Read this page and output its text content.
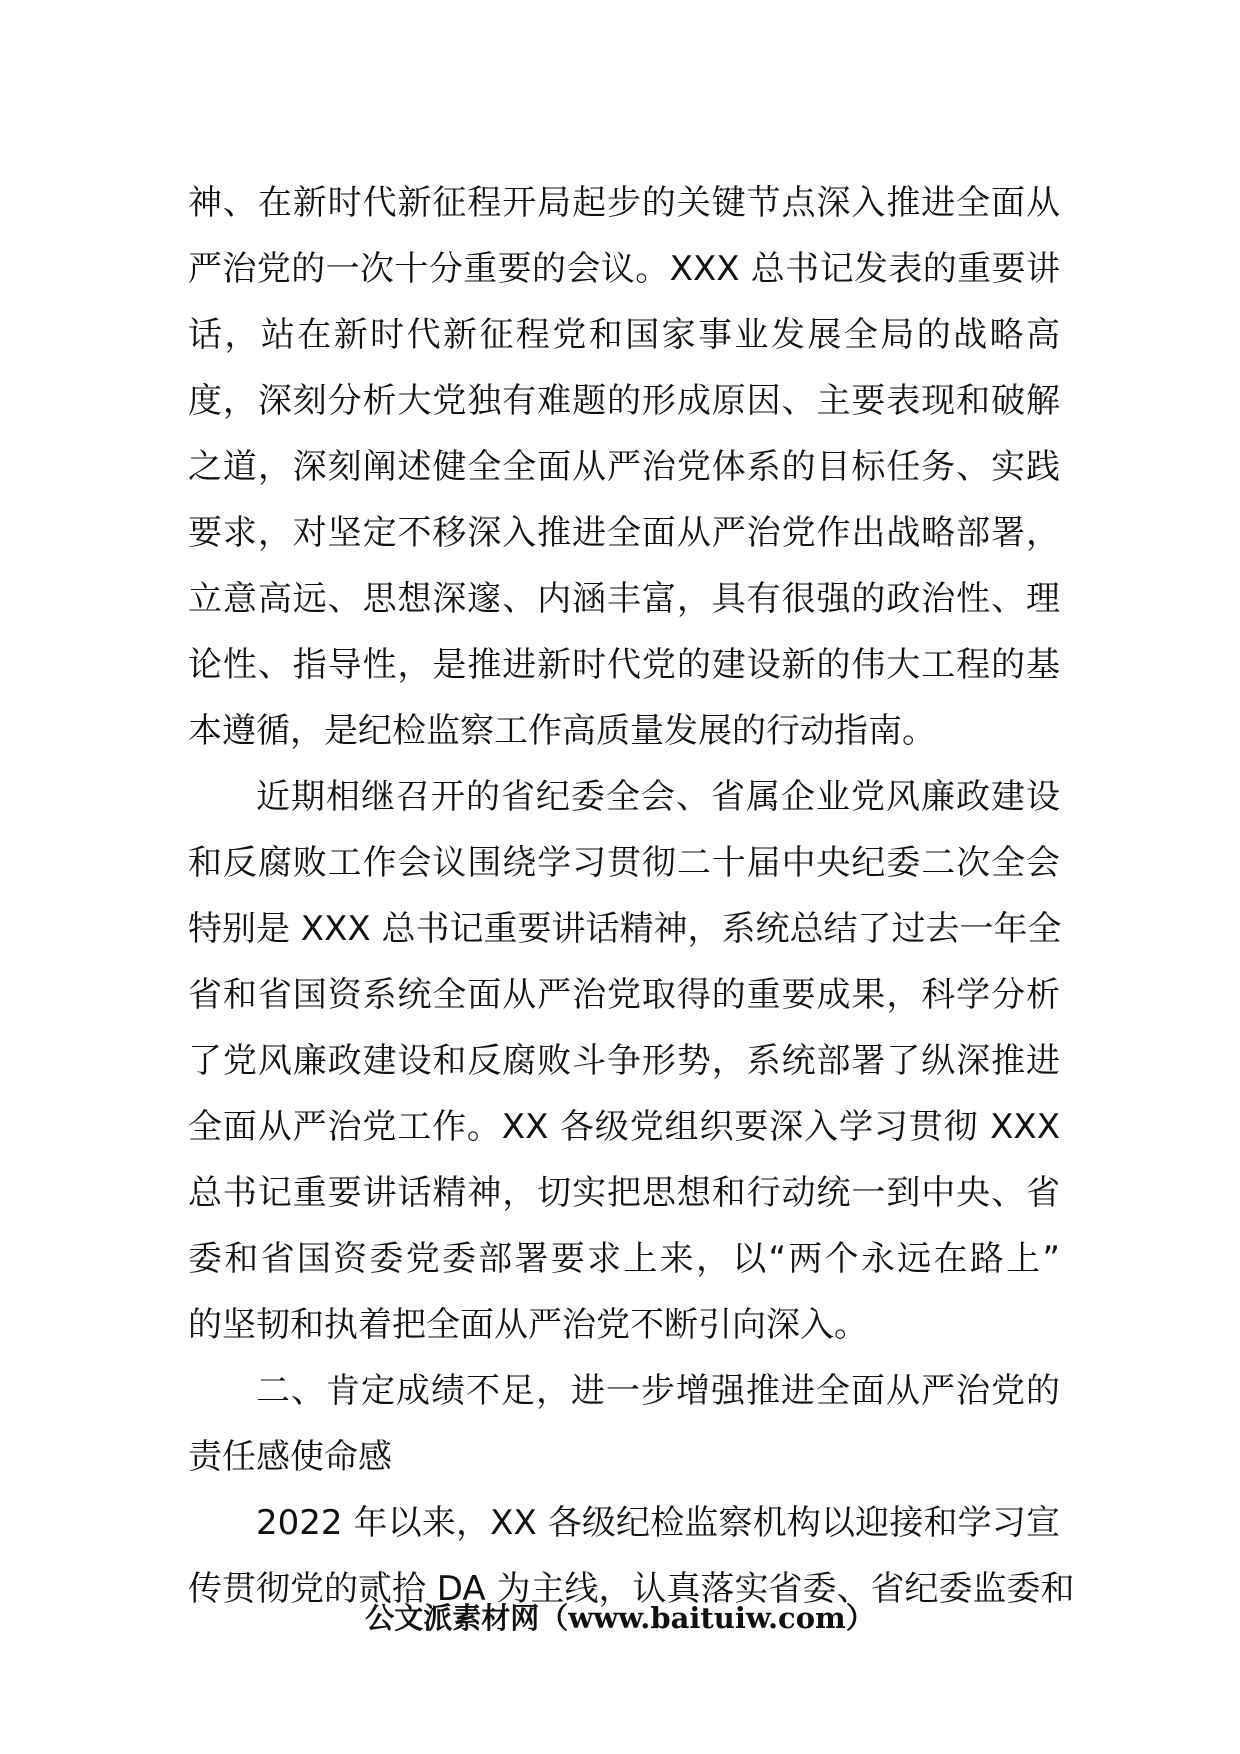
神、在新时代新征程开局起步的关键节点深入推进全面从
严治党的一次十分重要的会议。XXX 总书记发表的重要讲
话，站在新时代新征程党和国家事业发展全局的战略高
度，深刻分析大党独有难题的形成原因、主要表现和破解
之道，深刻阐述健全全面从严治党体系的目标任务、实践
要求，对坚定不移深入推进全面从严治党作出战略部署，
立意高远、思想深邃、内涵丰富，具有很强的政治性、理
论性、指导性，是推进新时代党的建设新的伟大工程的基
本遵循，是纪检监察工作高质量发展的行动指南。
近期相继召开的省纪委全会、省属企业党风廉政建设
和反腐败工作会议围绕学习贯彻二十届中央纪委二次全会
特别是 XXX 总书记重要讲话精神，系统总结了过去一年全
省和省国资系统全面从严治党取得的重要成果，科学分析
了党风廉政建设和反腐败斗争形势，系统部署了纵深推进
全面从严治党工作。XX 各级党组织要深入学习贯彻 XXX
总书记重要讲话精神，切实把思想和行动统一到中央、省
委和省国资委党委部署要求上来，以“两个永远在路上”
的坚韧和执着把全面从严治党不断引向深入。
二、肯定成绩不足，进一步增强推进全面从严治党的
责任感使命感
2022 年以来，XX 各级纪检监察机构以迎接和学习宣
传贯彻党的贰拾 DA 为主线，认真落实省委、省纪委监委和
公文派素材网（www.baituiw.com）
